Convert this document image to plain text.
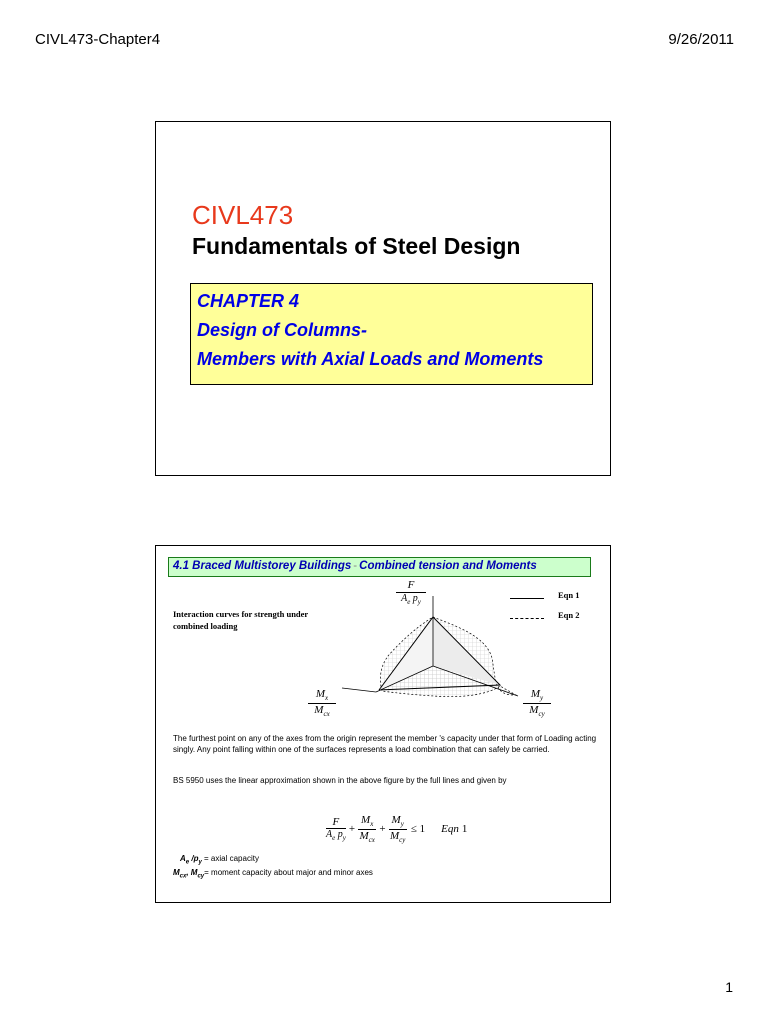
CIVL473-Chapter4	9/26/2011
CIVL473
Fundamentals of Steel Design
CHAPTER 4
Design of Columns-
Members with Axial Loads and Moments
4.1 Braced Multistorey Buildings - Combined tension and Moments
Interaction curves for strength under
combined loading
Eqn 1
Eqn 2
$\frac{F}{A_e p_y}$
$M_x$
$M_{cx}$
$M_y$
$M_{cy}$
The furthest point on any of the axes from the origin represent the member 's capacity under that form of Loading acting singly. Any point falling within one of the surfaces represents a load combination that can safely be carried.
BS 5950 uses the linear approximation shown in the above figure by the full lines and given by
$\frac{F}{A_e p_y}$ +
$M_x$
$M_{cx}$
+
$M_y$
$M_{cy}$
≤ 1	Eqn 1
$A_e$ $/p_y$ = axial capacity
$M_{cx}$, $M_{cy}=$ moment capacity about major and minor axes
1
